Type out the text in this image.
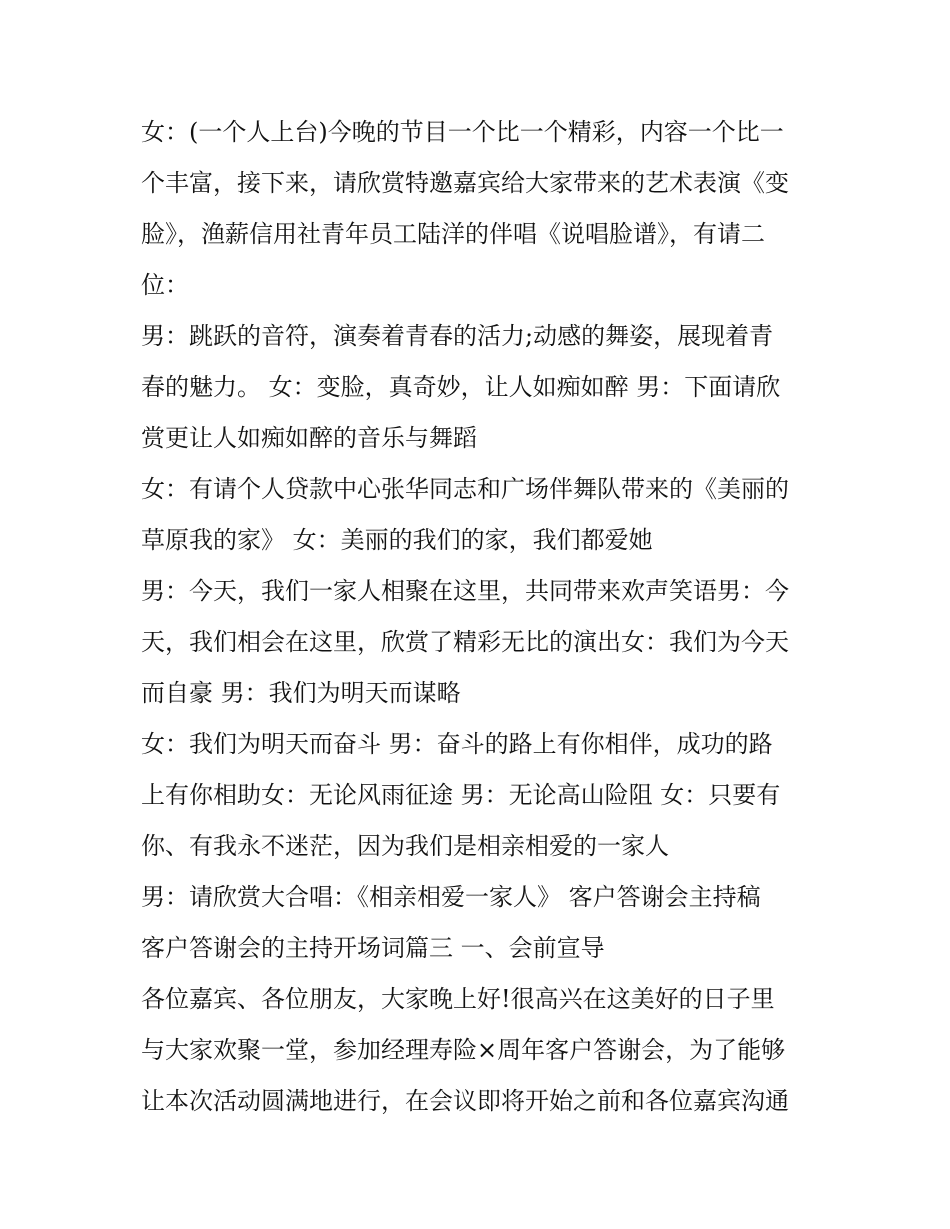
女：(一个人上台)今晚的节目一个比一个精彩，内容一个比一
个丰富，接下来，请欣赏特邀嘉宾给大家带来的艺术表演《变
脸》，渔薪信用社青年员工陆洋的伴唱《说唱脸谱》，有请二
位：
男：跳跃的音符，演奏着青春的活力;动感的舞姿，展现着青
春的魅力。 女：变脸，真奇妙，让人如痴如醉 男：下面请欣
赏更让人如痴如醉的音乐与舞蹈
女：有请个人贷款中心张华同志和广场伴舞队带来的《美丽的
草原我的家》 女：美丽的我们的家，我们都爱她
男：今天，我们一家人相聚在这里，共同带来欢声笑语男：今
天，我们相会在这里，欣赏了精彩无比的演出女：我们为今天
而自豪 男：我们为明天而谋略
女：我们为明天而奋斗 男：奋斗的路上有你相伴，成功的路
上有你相助女：无论风雨征途 男：无论高山险阻 女：只要有
你、有我永不迷茫，因为我们是相亲相爱的一家人
男：请欣赏大合唱：《相亲相爱一家人》 客户答谢会主持稿
客户答谢会的主持开场词篇三 一、会前宣导
各位嘉宾、各位朋友，大家晚上好!很高兴在这美好的日子里
与大家欢聚一堂，参加经理寿险×周年客户答谢会，为了能够
让本次活动圆满地进行，在会议即将开始之前和各位嘉宾沟通
